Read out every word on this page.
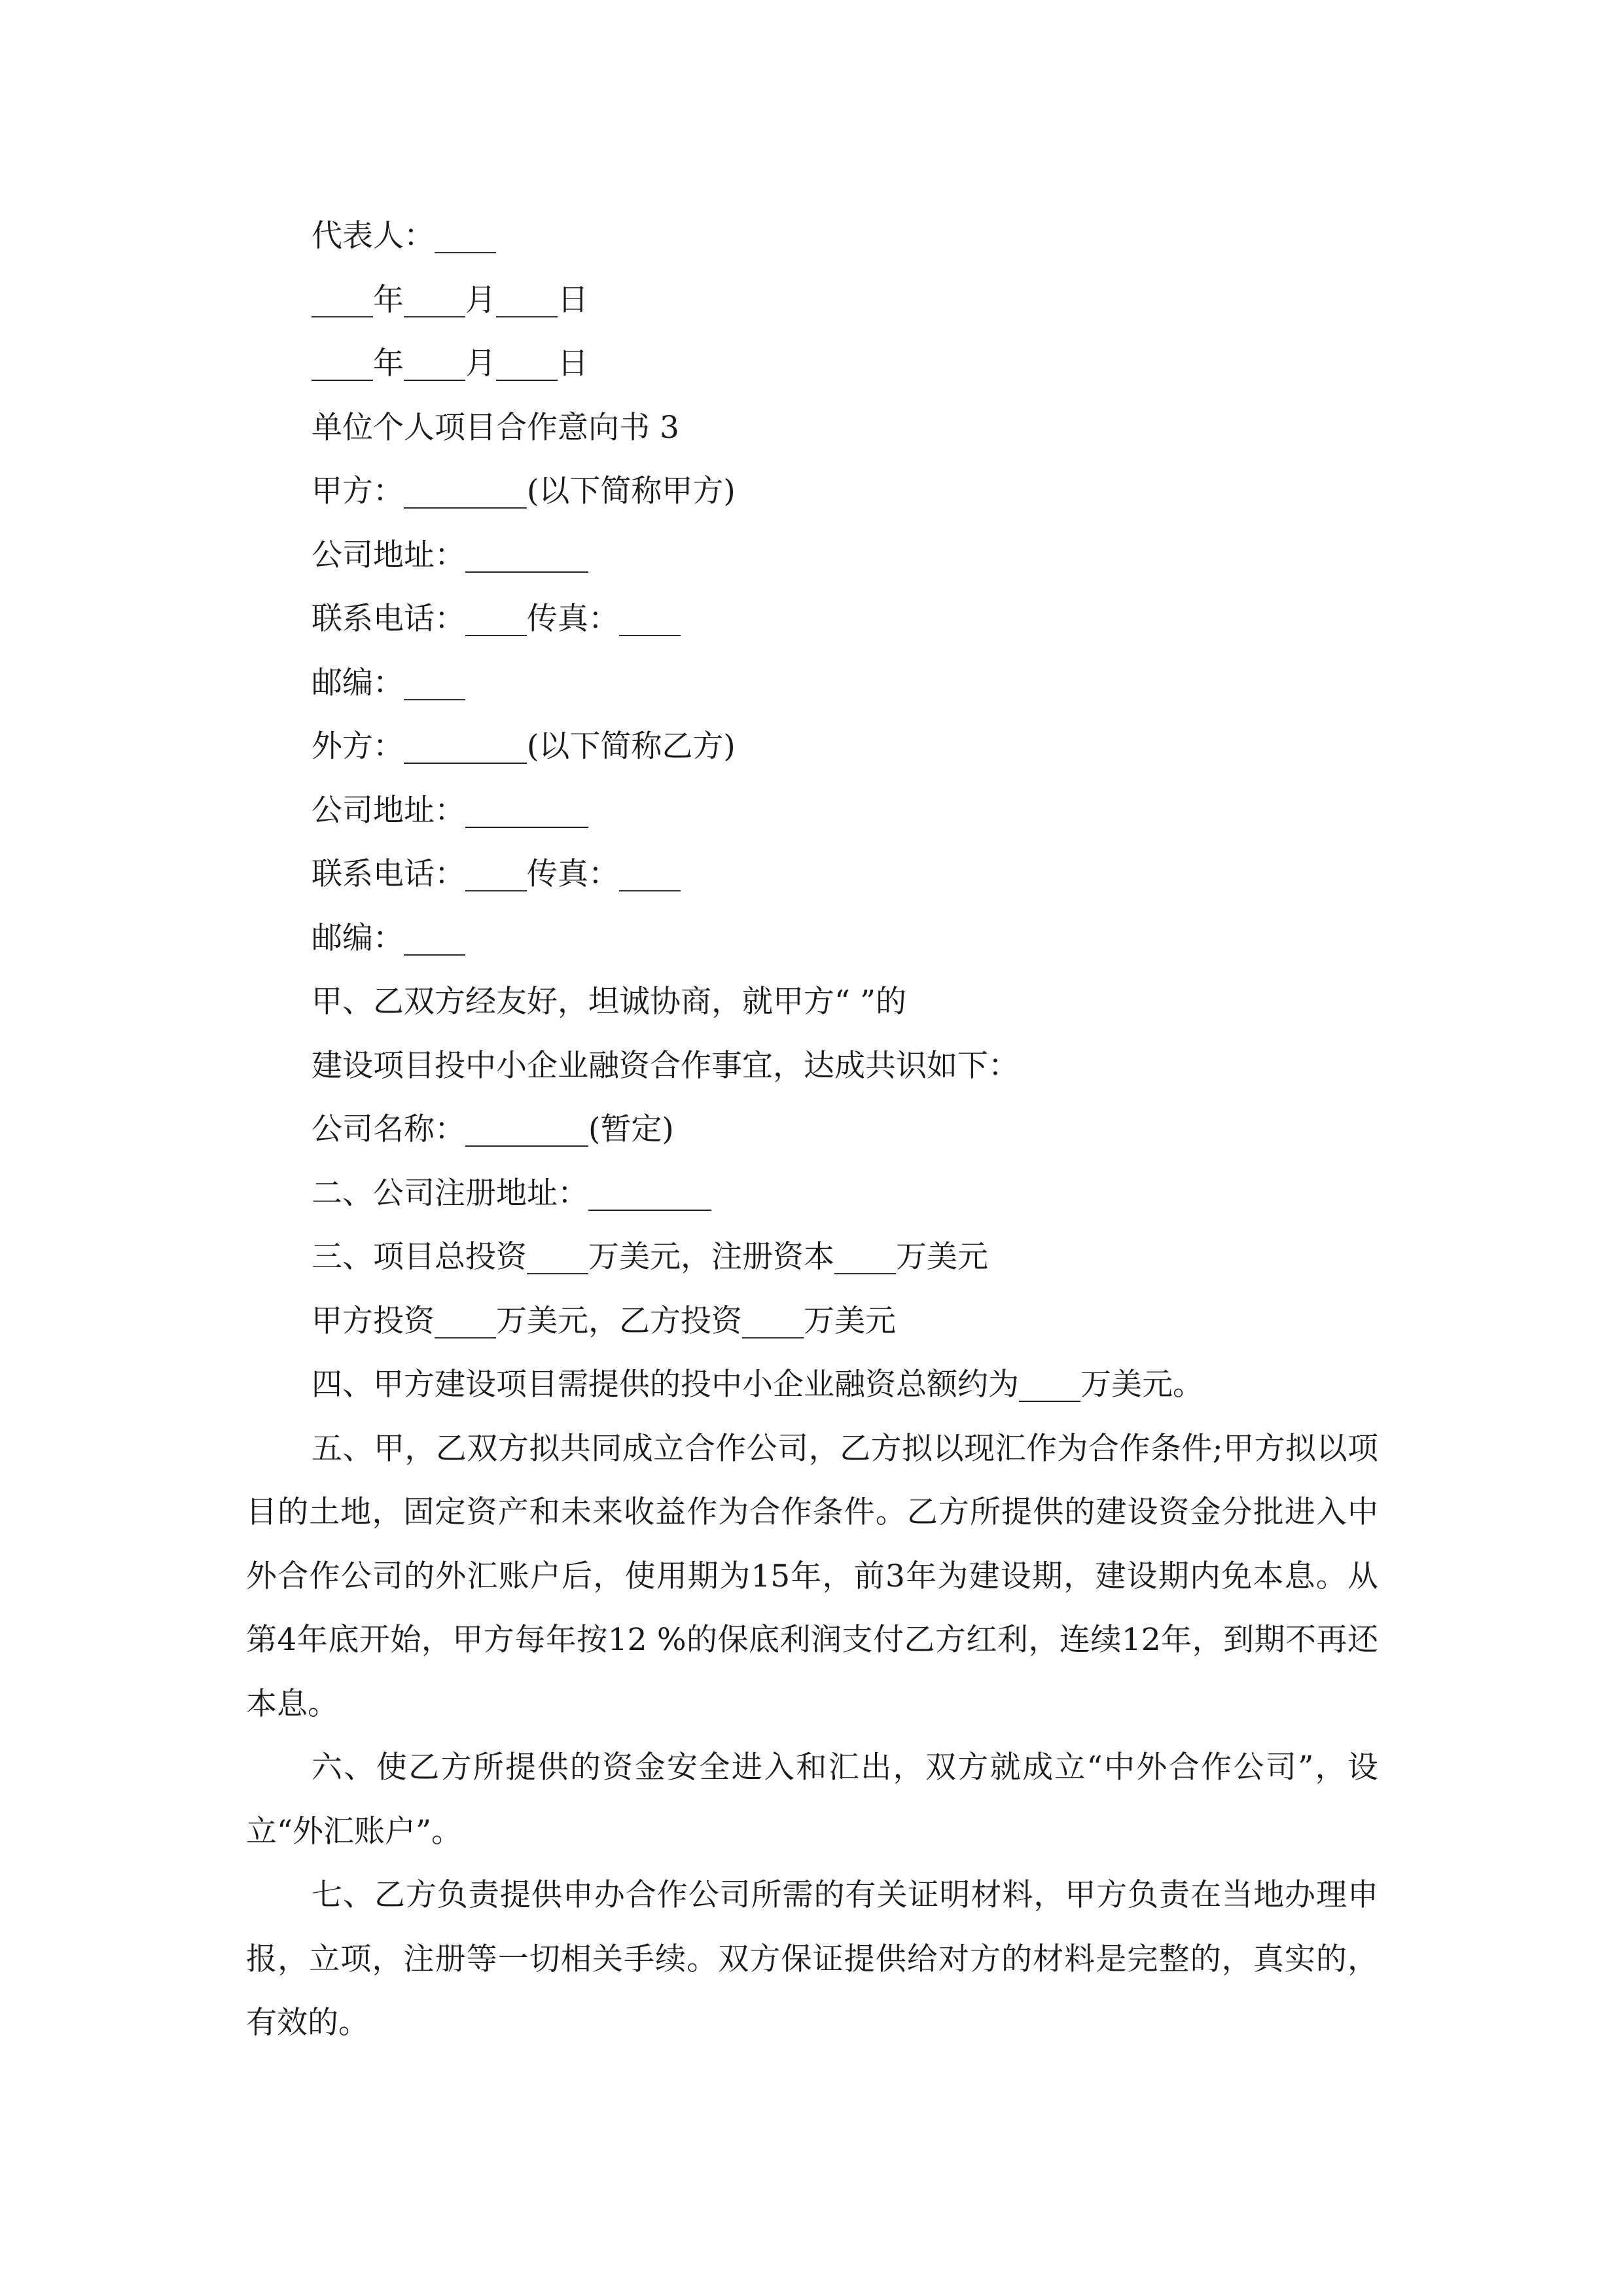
代表人：____

____年____月____日

____年____月____日

单位个人项目合作意向书 3

甲方：________(以下简称甲方)

公司地址：________

联系电话：____传真：____

邮编：____

外方：________(以下简称乙方)

公司地址：________

联系电话：____传真：____

邮编：____

甲、乙双方经友好，坦诚协商，就甲方“ ”的

建设项目投中小企业融资合作事宜，达成共识如下：

公司名称：________(暂定)

二、公司注册地址：________

三、项目总投资____万美元，注册资本____万美元

甲方投资____万美元，乙方投资____万美元

四、甲方建设项目需提供的投中小企业融资总额约为____万美元。

五、甲，乙双方拟共同成立合作公司，乙方拟以现汇作为合作条件;甲方拟以项目的土地，固定资产和未来收益作为合作条件。乙方所提供的建设资金分批进入中外合作公司的外汇账户后，使用期为15年，前3年为建设期，建设期内免本息。从第4年底开始，甲方每年按12 %的保底利润支付乙方红利，连续12年，到期不再还本息。

六、使乙方所提供的资金安全进入和汇出，双方就成立“中外合作公司”，设立“外汇账户”。

七、乙方负责提供申办合作公司所需的有关证明材料，甲方负责在当地办理申报，立项，注册等一切相关手续。双方保证提供给对方的材料是完整的，真实的，有效的。
